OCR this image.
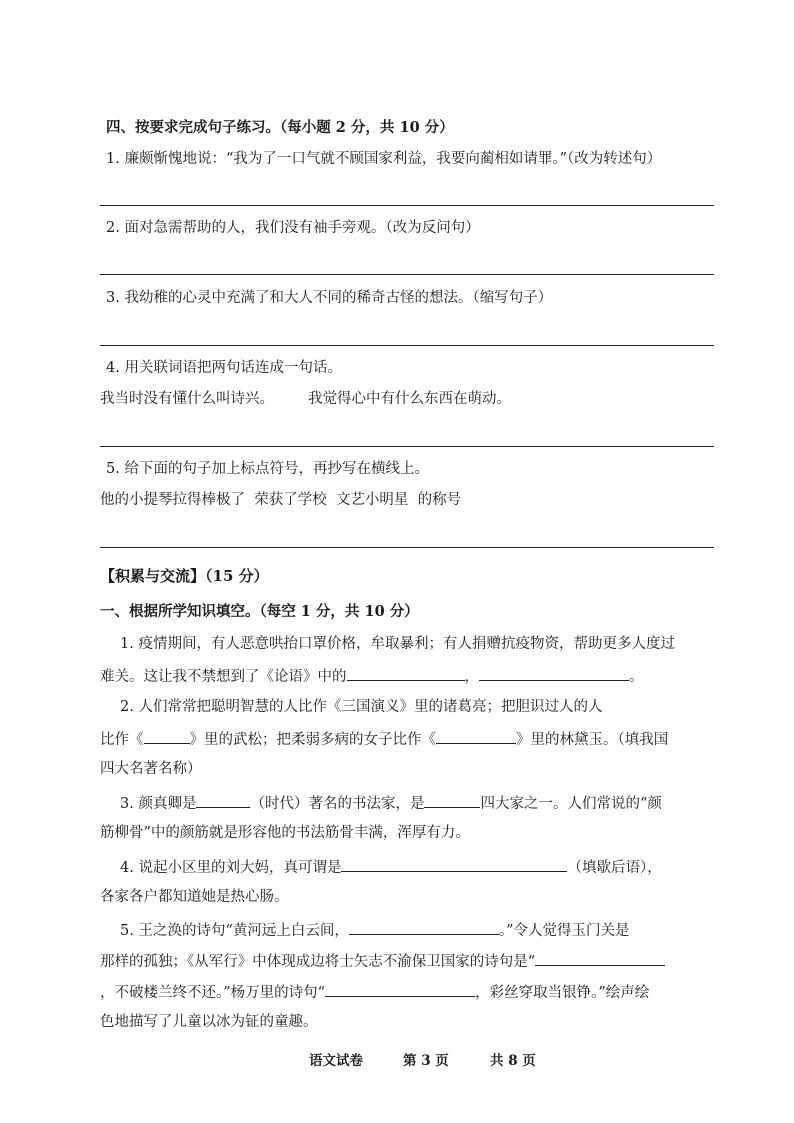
四、按要求完成句子练习。（每小题 2 分，共 10 分）
1. 廉颇惭愧地说：“我为了一口气就不顾国家利益，我要向蔺相如请罪。”（改为转述句）
2. 面对急需帮助的人，我们没有袖手旁观。（改为反问句）
3. 我幼稚的心灵中充满了和大人不同的稀奇古怪的想法。（缩写句子）
4. 用关联词语把两句话连成一句话。
我当时没有懂什么叫诗兴。 我觉得心中有什么东西在萌动。
5. 给下面的句子加上标点符号，再抄写在横线上。
他的小提琴拉得棒极了  荣获了学校  文艺小明星  的称号
【积累与交流】（15 分）
一、根据所学知识填空。（每空 1 分，共 10 分）
1. 疫情期间，有人恶意哄抬口罩价格，牟取暴利；有人捐赠抗疫物资，帮助更多人度过
难关。这让我不禁想到了《论语》中的	，	。
2. 人们常常把聪明智慧的人比作《三国演义》里的诸葛亮；把胆识过人的人
比作《	》里的武松；把柔弱多病的女子比作《	》里的林黛玉。（填我国
四大名著名称）
3. 颜真卿是	（时代）著名的书法家，是	四大家之一。人们常说的“颜
筋柳骨”中的颜筋就是形容他的书法筋骨丰满，浑厚有力。
4. 说起小区里的刘大妈，真可谓是	（填歇后语），
各家各户都知道她是热心肠。
5. 王之涣的诗句“黄河远上白云间，	。”令人觉得玉门关是
那样的孤独；《从军行》中体现成边将士矢志不渝保卫国家的诗句是“
，不破楼兰终不还。”杨万里的诗句“	，彩丝穿取当银铮。”绘声绘
色地描写了儿童以冰为钲的童趣。
语文试卷	第 3 页	共 8 页
